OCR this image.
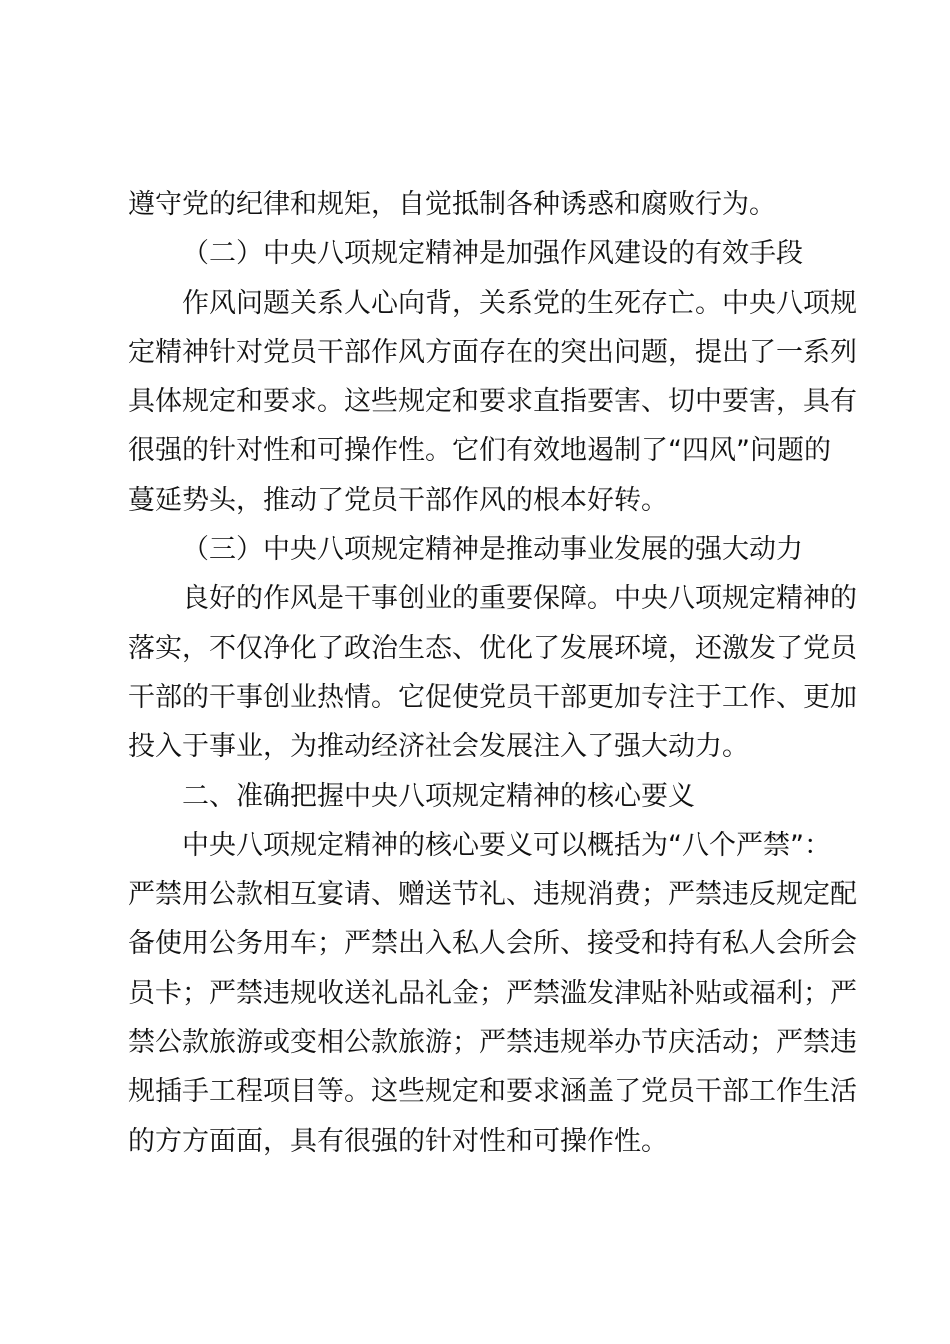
遵守党的纪律和规矩，自觉抵制各种诱惑和腐败行为。
（二）中央八项规定精神是加强作风建设的有效手段
作风问题关系人心向背，关系党的生死存亡。中央八项规
定精神针对党员干部作风方面存在的突出问题，提出了一系列
具体规定和要求。这些规定和要求直指要害、切中要害，具有
很强的针对性和可操作性。它们有效地遏制了“四风”问题的
蔓延势头，推动了党员干部作风的根本好转。
（三）中央八项规定精神是推动事业发展的强大动力
良好的作风是干事创业的重要保障。中央八项规定精神的
落实，不仅净化了政治生态、优化了发展环境，还激发了党员
干部的干事创业热情。它促使党员干部更加专注于工作、更加
投入于事业，为推动经济社会发展注入了强大动力。
二、准确把握中央八项规定精神的核心要义
中央八项规定精神的核心要义可以概括为“八个严禁”：
严禁用公款相互宴请、赠送节礼、违规消费；严禁违反规定配
备使用公务用车；严禁出入私人会所、接受和持有私人会所会
员卡；严禁违规收送礼品礼金；严禁滥发津贴补贴或福利；严
禁公款旅游或变相公款旅游；严禁违规举办节庆活动；严禁违
规插手工程项目等。这些规定和要求涵盖了党员干部工作生活
的方方面面，具有很强的针对性和可操作性。
